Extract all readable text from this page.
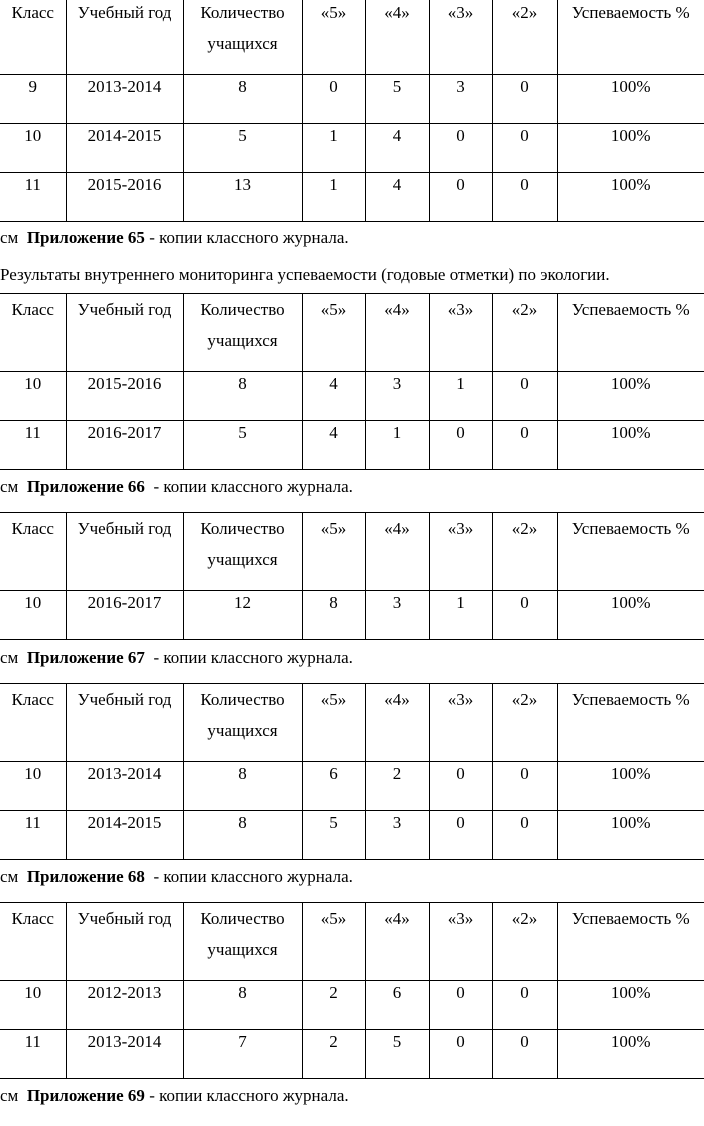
Результаты внутреннего мониторинга успеваемости (годовые отметки) по экологии.
Класс	Учебный год	Количество учащихся	«5»	«4»	«3»	«2»	Успеваемость %

9	2013-2014	8	0	5	3	0	100%
10	2014-2015	5	1	4	0	0	100%
11	2015-2016	13	1	4	0	0	100%
см Приложение 65 - копии классного журнала.
Класс	Учебный год	Количество учащихся	«5»	«4»	«3»	«2»	Успеваемость %

10	2015-2016	8	4	3	1	0	100%
11	2016-2017	5	4	1	0	0	100%
см Приложение 66 - копии классного журнала.
Класс	Учебный год	Количество учащихся	«5»	«4»	«3»	«2»	Успеваемость %

10	2016-2017	12	8	3	1	0	100%
см Приложение 67 - копии классного журнала.
Класс	Учебный год	Количество учащихся	«5»	«4»	«3»	«2»	Успеваемость %

10	2013-2014	8	6	2	0	0	100%
11	2014-2015	8	5	3	0	0	100%
см Приложение 68 - копии классного журнала.
Класс	Учебный год	Количество учащихся	«5»	«4»	«3»	«2»	Успеваемость %

10	2012-2013	8	2	6	0	0	100%
11	2013-2014	7	2	5	0	0	100%
см Приложение 69 - копии классного журнала.
